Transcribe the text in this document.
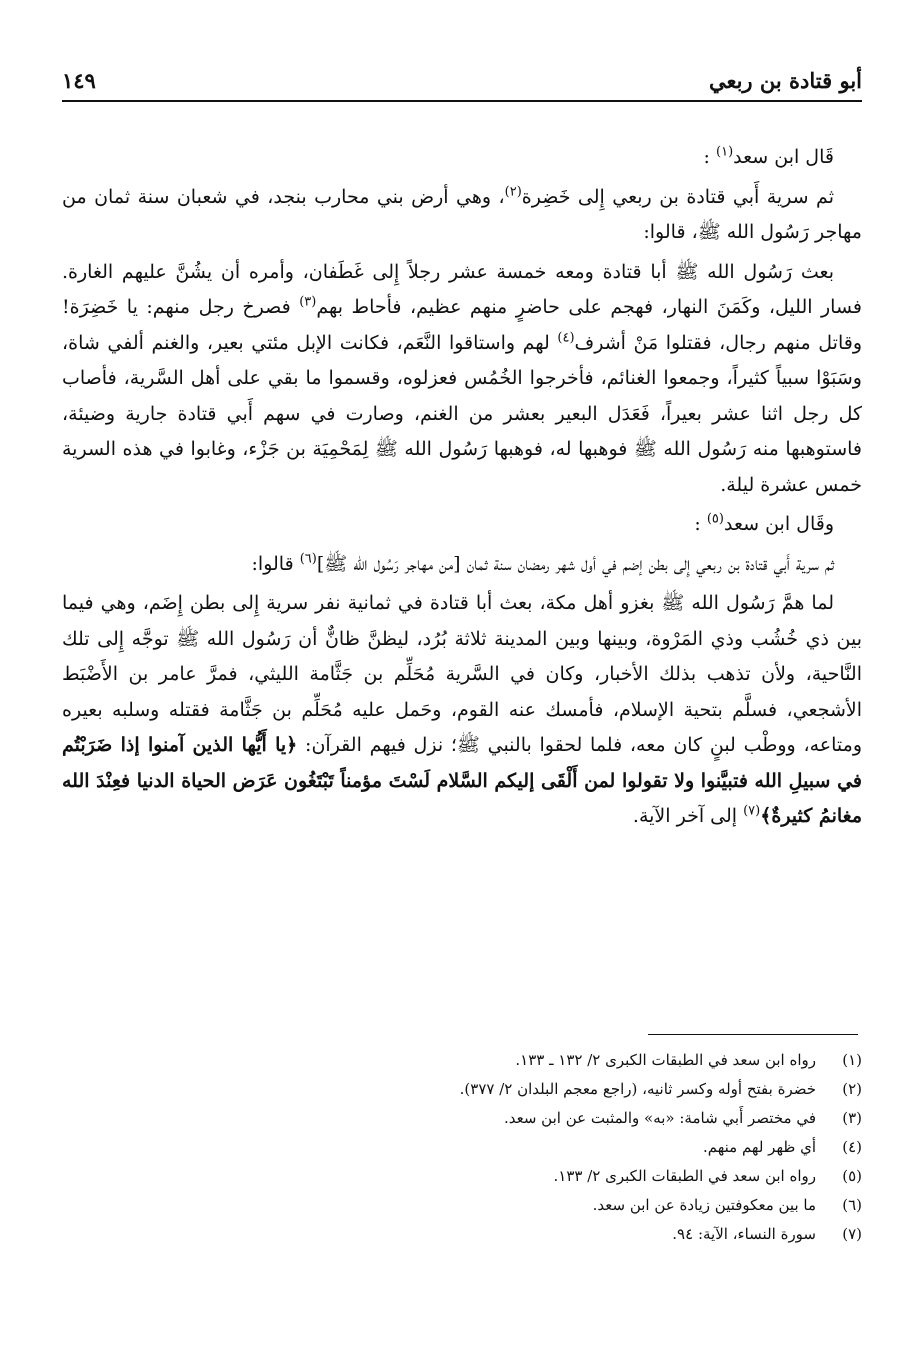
أبو قتادة بن ربعي
١٤٩

قَال ابن سعد$^{(١)}$ :

ثم سرية أَبي قتادة بن ربعي إِلى خَضِرة$^{(٢)}$، وهي أرض بني محارب بنجد، في شعبان سنة ثمان من مهاجر رَسُول الله ﷺ، قالوا:

بعث رَسُول الله ﷺ أبا قتادة ومعه خمسة عشر رجلاً إِلى غَطَفان، وأمره أن يشُنَّ عليهم الغارة. فسار الليل، وكَمَنَ النهار، فهجم على حاضرٍ منهم عظيم، فأحاط بهم$^{(٣)}$ فصرخ رجل منهم: يا خَضِرَة! وقاتل منهم رجال، فقتلوا مَنْ أشرف$^{(٤)}$ لهم واستاقوا النَّعَم، فكانت الإبل مئتي بعير، والغنم ألفي شاة، وسَبَوْا سبياً كثيراً، وجمعوا الغنائم، فأخرجوا الخُمُس فعزلوه، وقسموا ما بقي على أهل السَّرية، فأصاب كل رجل اثنا عشر بعيراً، فَعَدَل البعير بعشر من الغنم، وصارت في سهم أَبي قتادة جارية وضيئة، فاستوهبها منه رَسُول الله ﷺ فوهبها له، فوهبها رَسُول الله ﷺ لِمَحْمِيَة بن جَزْء، وغابوا في هذه السرية خمس عشرة ليلة.

وقَال ابن سعد$^{(٥)}$ :

ثم سرية أَبي قتادة بن ربعي إِلى بطن إضم في أول شهر رمضان سنة ثمان [من مهاجر رَسُول الله ﷺ]$^{(٦)}$ قالوا:

لما همَّ رَسُول الله ﷺ بغزو أهل مكة، بعث أبا قتادة في ثمانية نفر سرية إِلى بطن إِضَم، وهي فيما بين ذي خُشُب وذي المَرْوة، وبينها وبين المدينة ثلاثة بُرُد، ليظنَّ ظانٌّ أن رَسُول الله ﷺ توجَّه إِلى تلك النَّاحية، ولأن تذهب بذلك الأخبار، وكان في السَّرية مُحَلِّم بن جَثَّامة الليثي، فمرَّ عامر بن الأَضْبَط الأشجعي، فسلَّم بتحية الإسلام، فأمسك عنه القوم، وحَمل عليه مُحَلِّم بن جَثَّامة فقتله وسلبه بعيره ومتاعه، ووطْب لبنٍ كان معه، فلما لحقوا بالنبي ﷺ؛ نزل فيهم القرآن: ﴿يا أَيُّها الذين آمنوا إذا ضَرَبْتُم في سبيلِ الله فتبيَّنوا ولا تقولوا لمن أَلْقَى إليكم السَّلام لَسْتَ مؤمناً تَبْتَغُون عَرَض الحياة الدنيا فعِنْدَ الله مغانمُ كثيرةٌ﴾$^{(٧)}$ إلى آخر الآية.

(١)
رواه ابن سعد في الطبقات الكبرى ٢/ ١٣٢ ـ ١٣٣.
(٢)
خضرة بفتح أوله وكسر ثانيه، (راجع معجم البلدان ٢/ ٣٧٧).
(٣)
في مختصر أَبي شامة: «به» والمثبت عن ابن سعد.
(٤)
أي ظهر لهم منهم.
(٥)
رواه ابن سعد في الطبقات الكبرى ٢/ ١٣٣.
(٦)
ما بين معكوفتين زيادة عن ابن سعد.
(٧)
سورة النساء، الآية: ٩٤.
